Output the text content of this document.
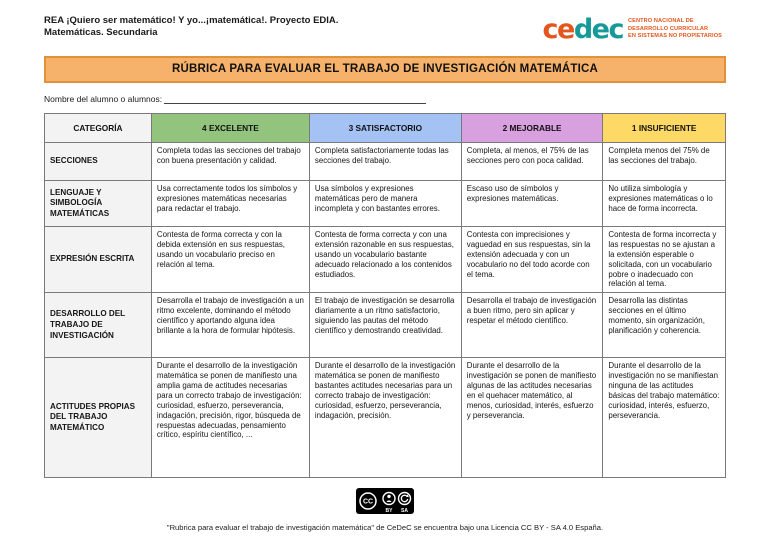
REA ¡Quiero ser matemático! Y yo...¡matemática!. Proyecto EDIA.
Matemáticas. Secundaria	cedec CENTRO NACIONAL DE
DESARROLLO CURRICULAR
EN SISTEMAS NO PROPIETARIOS
RÚBRICA PARA EVALUAR EL TRABAJO DE INVESTIGACIÓN MATEMÁTICA
Nombre del alumno o alumnos:
CATEGORÍA	4 EXCELENTE	3 SATISFACTORIO	2 MEJORABLE	1 INSUFICIENTE
SECCIONES	Completa todas las secciones del trabajo con buena presentación y calidad.	Completa satisfactoriamente todas las secciones del trabajo.	Completa, al menos, el 75% de las secciones pero con poca calidad.	Completa menos del 75% de las secciones del trabajo.
LENGUAJE Y SIMBOLOGÍA MATEMÁTICAS	Usa correctamente todos los símbolos y expresiones matemáticas necesarias para redactar el trabajo.	Usa símbolos y expresiones matemáticas pero de manera incompleta y con bastantes errores.	Escaso uso de símbolos y expresiones matemáticas.	No utiliza simbología y expresiones matemáticas o lo hace de forma incorrecta.
EXPRESIÓN ESCRITA	Contesta de forma correcta y con la debida extensión en sus respuestas, usando un vocabulario preciso en relación al tema.	Contesta de forma correcta y con una extensión razonable en sus respuestas, usando un vocabulario bastante adecuado relacionado a los contenidos estudiados.	Contesta con imprecisiones y vaguedad en sus respuestas, sin la extensión adecuada y con un vocabulario no del todo acorde con el tema.	Contesta de forma incorrecta y las respuestas no se ajustan a la extensión esperable o solicitada, con un vocabulario pobre o inadecuado con relación al tema.
DESARROLLO DEL TRABAJO DE INVESTIGACIÓN	Desarrolla el trabajo de investigación a un ritmo excelente, dominando el método científico y aportando alguna idea brillante a la hora de formular hipótesis.	El trabajo de investigación se desarrolla diariamente a un ritmo satisfactorio, siguiendo las pautas del método científico y demostrando creatividad.	Desarrolla el trabajo de investigación a buen ritmo, pero sin aplicar y respetar el método científico.	Desarrolla las distintas secciones en el último momento, sin organización, planificación y coherencia.
ACTITUDES PROPIAS DEL TRABAJO MATEMÁTICO	Durante el desarrollo de la investigación matemática se ponen de manifiesto una amplia gama de actitudes necesarias para un correcto trabajo de investigación: curiosidad, esfuerzo, perseverancia, indagación, precisión, rigor, búsqueda de respuestas adecuadas, pensamiento crítico, espíritu científico, ...	Durante el desarrollo de la investigación matemática se ponen de manifiesto bastantes actitudes necesarias para un correcto trabajo de investigación: curiosidad, esfuerzo, perseverancia, indagación, precisión.	Durante el desarrollo de la investigación se ponen de manifiesto algunas de las actitudes necesarias en el quehacer matemático, al menos, curiosidad, interés, esfuerzo y perseverancia.	Durante el desarrollo de la investigación no se manifiestan ninguna de las actitudes básicas del trabajo matemático: curiosidad, interés, esfuerzo, perseverancia.
CC
BY SA
"Rubrica para evaluar el trabajo de investigación matemática" de CeDeC se encuentra bajo una Licencia CC BY - SA 4.0 España.
